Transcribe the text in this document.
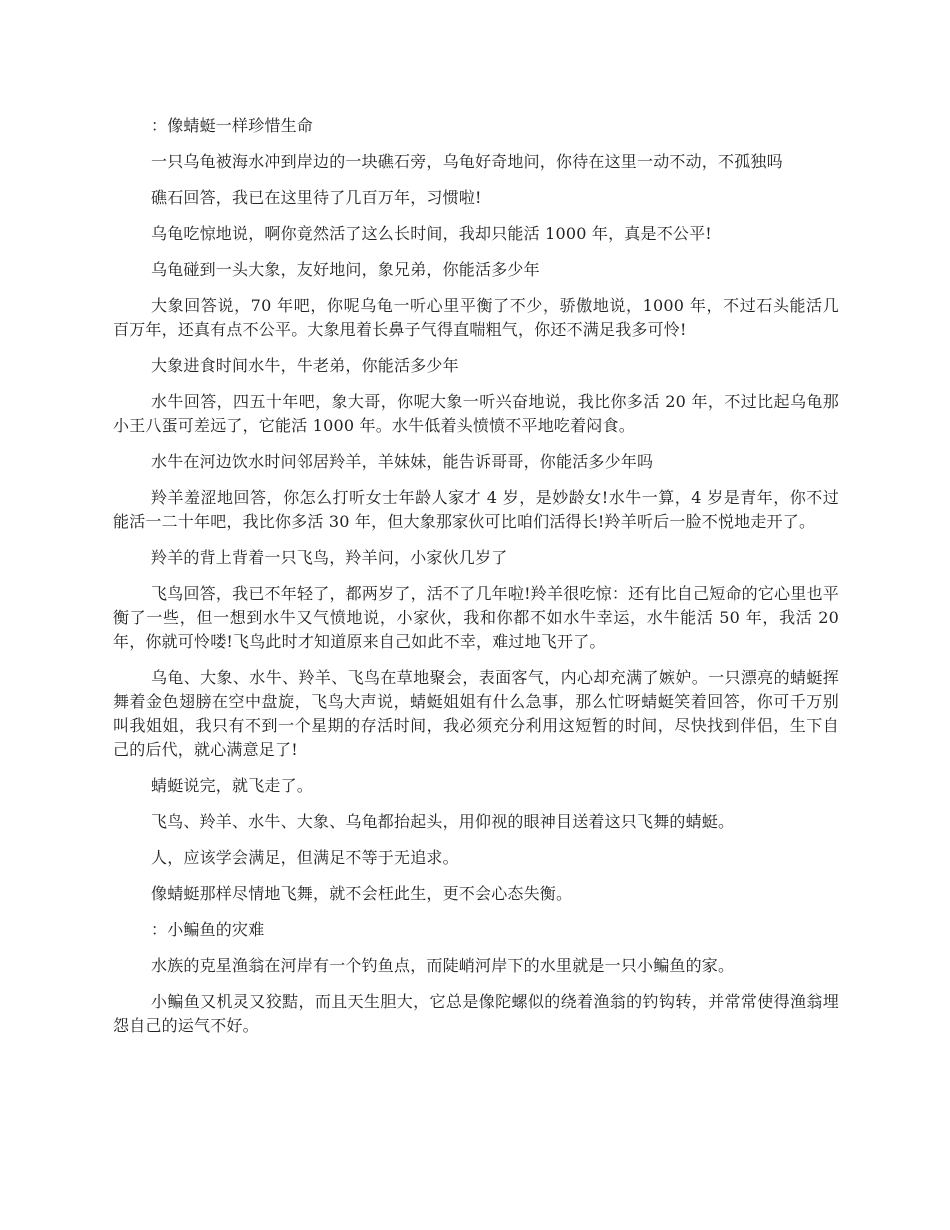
：像蜻蜓一样珍惜生命

一只乌龟被海水冲到岸边的一块礁石旁，乌龟好奇地问，你待在这里一动不动，不孤独吗

礁石回答，我已在这里待了几百万年，习惯啦!

乌龟吃惊地说，啊你竟然活了这么长时间，我却只能活 1000 年，真是不公平!

乌龟碰到一头大象，友好地问，象兄弟，你能活多少年

大象回答说，70 年吧，你呢乌龟一听心里平衡了不少，骄傲地说，1000 年，不过石头能活几百万年，还真有点不公平。大象甩着长鼻子气得直喘粗气，你还不满足我多可怜!

大象进食时间水牛，牛老弟，你能活多少年

水牛回答，四五十年吧，象大哥，你呢大象一听兴奋地说，我比你多活 20 年，不过比起乌龟那小王八蛋可差远了，它能活 1000 年。水牛低着头愤愤不平地吃着闷食。

水牛在河边饮水时问邻居羚羊，羊妹妹，能告诉哥哥，你能活多少年吗

羚羊羞涩地回答，你怎么打听女士年龄人家才 4 岁，是妙龄女!水牛一算，4 岁是青年，你不过能活一二十年吧，我比你多活 30 年，但大象那家伙可比咱们活得长!羚羊听后一脸不悦地走开了。

羚羊的背上背着一只飞鸟，羚羊问，小家伙几岁了

飞鸟回答，我已不年轻了，都两岁了，活不了几年啦!羚羊很吃惊：还有比自己短命的它心里也平衡了一些，但一想到水牛又气愤地说，小家伙，我和你都不如水牛幸运，水牛能活 50 年，我活 20 年，你就可怜喽!飞鸟此时才知道原来自己如此不幸，难过地飞开了。

乌龟、大象、水牛、羚羊、飞鸟在草地聚会，表面客气，内心却充满了嫉妒。一只漂亮的蜻蜓挥舞着金色翅膀在空中盘旋，飞鸟大声说，蜻蜓姐姐有什么急事，那么忙呀蜻蜓笑着回答，你可千万别叫我姐姐，我只有不到一个星期的存活时间，我必须充分利用这短暂的时间，尽快找到伴侣，生下自己的后代，就心满意足了!

蜻蜓说完，就飞走了。

飞鸟、羚羊、水牛、大象、乌龟都抬起头，用仰视的眼神目送着这只飞舞的蜻蜓。

人，应该学会满足，但满足不等于无追求。

像蜻蜓那样尽情地飞舞，就不会枉此生，更不会心态失衡。

：小鳊鱼的灾难

水族的克星渔翁在河岸有一个钓鱼点，而陡峭河岸下的水里就是一只小鳊鱼的家。

小鳊鱼又机灵又狡黠，而且天生胆大，它总是像陀螺似的绕着渔翁的钓钩转，并常常使得渔翁埋怨自己的运气不好。
